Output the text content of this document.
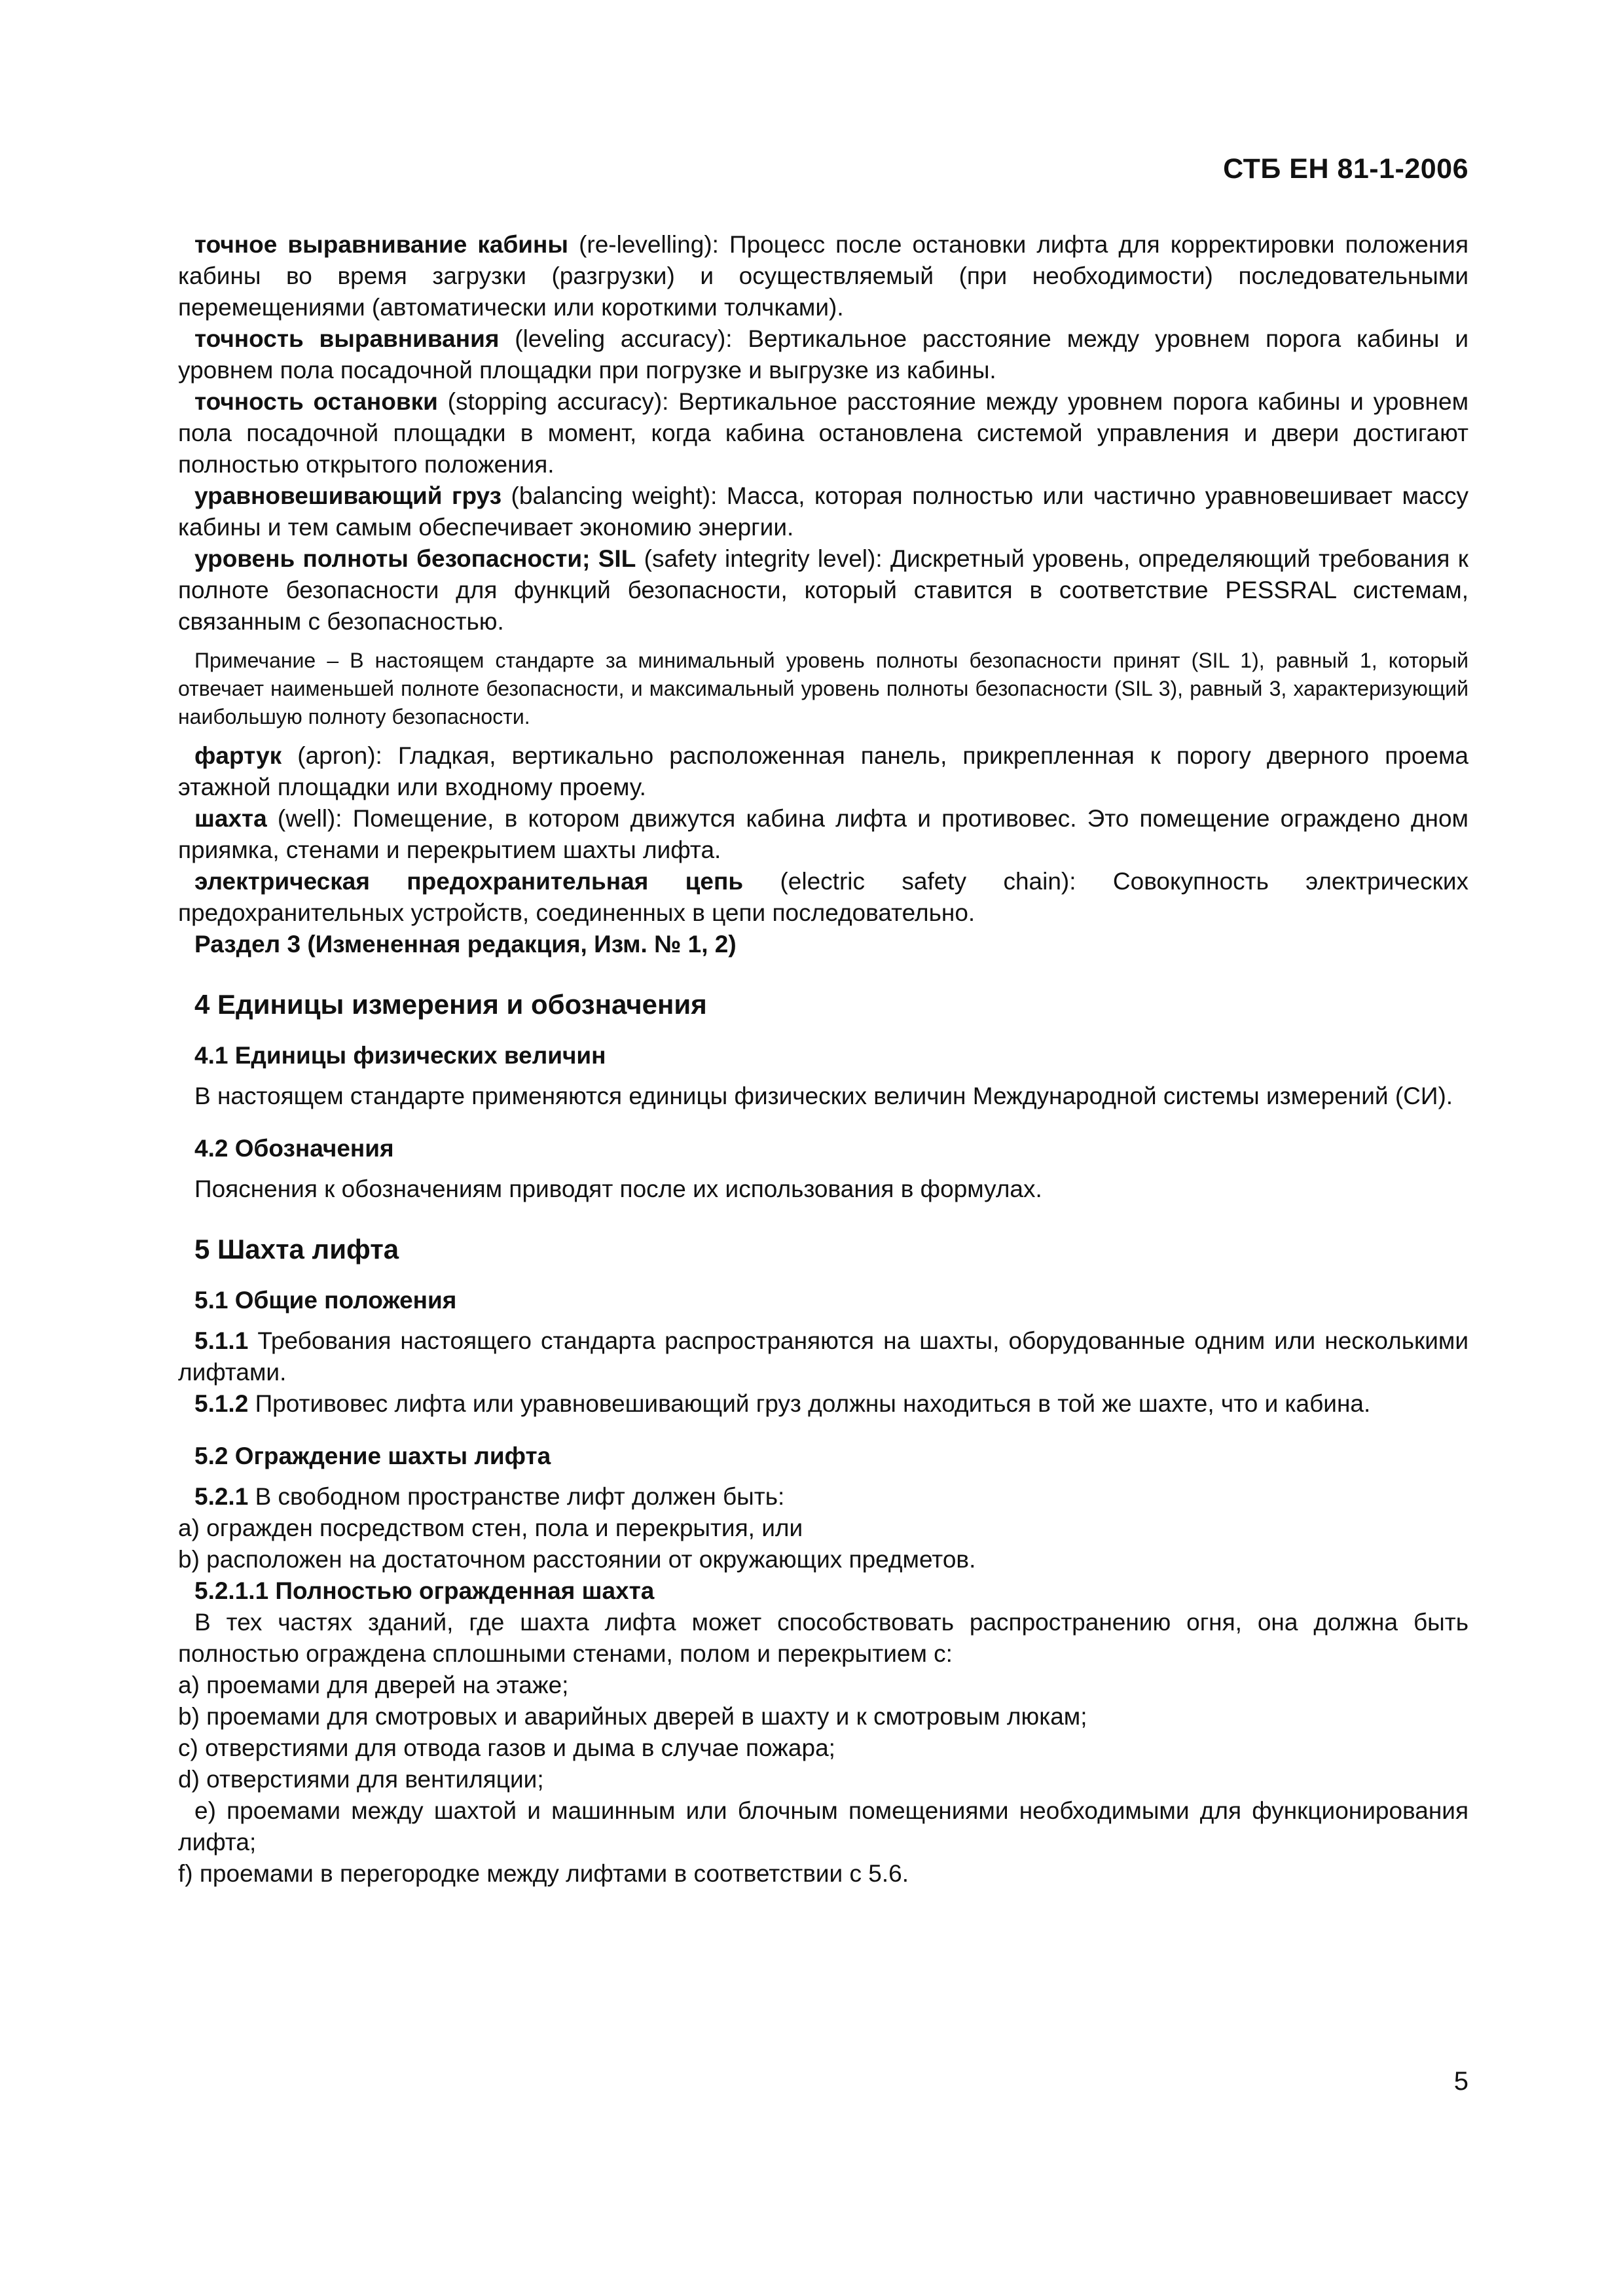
СТБ ЕН 81-1-2006

точное выравнивание кабины (re-levelling): Процесс после остановки лифта для корректировки положения кабины во время загрузки (разгрузки) и осуществляемый (при необходимости) последовательными перемещениями (автоматически или короткими толчками).

точность выравнивания (leveling accuracy): Вертикальное расстояние между уровнем порога кабины и уровнем пола посадочной площадки при погрузке и выгрузке из кабины.

точность остановки (stopping accuracy): Вертикальное расстояние между уровнем порога кабины и уровнем пола посадочной площадки в момент, когда кабина остановлена системой управления и двери достигают полностью открытого положения.

уравновешивающий груз (balancing weight): Масса, которая полностью или частично уравновешивает массу кабины и тем самым обеспечивает экономию энергии.

уровень полноты безопасности; SIL (safety integrity level): Дискретный уровень, определяющий требования к полноте безопасности для функций безопасности, который ставится в соответствие PESSRAL системам, связанным с безопасностью.

Примечание – В настоящем стандарте за минимальный уровень полноты безопасности принят (SIL 1), равный 1, который отвечает наименьшей полноте безопасности, и максимальный уровень полноты безопасности (SIL 3), равный 3, характеризующий наибольшую полноту безопасности.

фартук (apron): Гладкая, вертикально расположенная панель, прикрепленная к порогу дверного проема этажной площадки или входному проему.

шахта (well): Помещение, в котором движутся кабина лифта и противовес. Это помещение ограждено дном приямка, стенами и перекрытием шахты лифта.

электрическая предохранительная цепь (electric safety chain): Совокупность электрических предохранительных устройств, соединенных в цепи последовательно.

Раздел 3 (Измененная редакция, Изм. № 1, 2)

4 Единицы измерения и обозначения
4.1 Единицы физических величин

В настоящем стандарте применяются единицы физических величин Международной системы измерений (СИ).

4.2 Обозначения

Пояснения к обозначениям приводят после их использования в формулах.

5 Шахта лифта
5.1 Общие положения

5.1.1 Требования настоящего стандарта распространяются на шахты, оборудованные одним или несколькими лифтами.

5.1.2 Противовес лифта или уравновешивающий груз должны находиться в той же шахте, что и кабина.

5.2 Ограждение шахты лифта

5.2.1 В свободном пространстве лифт должен быть:

a) огражден посредством стен, пола и перекрытия, или

b) расположен на достаточном расстоянии от окружающих предметов.

5.2.1.1 Полностью огражденная шахта

В тех частях зданий, где шахта лифта может способствовать распространению огня, она должна быть полностью ограждена сплошными стенами, полом и перекрытием с:

a) проемами для дверей на этаже;

b) проемами для смотровых и аварийных дверей в шахту и к смотровым люкам;

c) отверстиями для отвода газов и дыма в случае пожара;

d) отверстиями для вентиляции;

e) проемами между шахтой и машинным или блочным помещениями необходимыми для функционирования лифта;

f) проемами в перегородке между лифтами в соответствии с 5.6.

5
